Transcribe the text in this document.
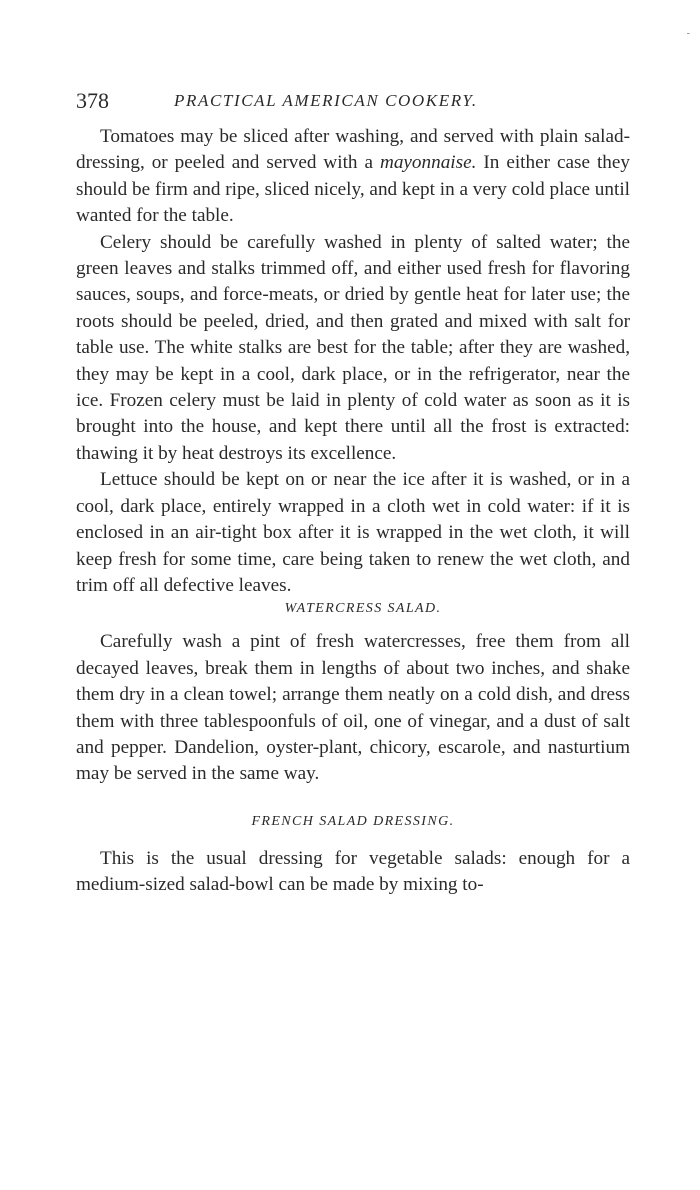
-
378	PRACTICAL AMERICAN COOKERY.

Tomatoes may be sliced after washing, and served with plain salad-dressing, or peeled and served with a mayonnaise. In either case they should be firm and ripe, sliced nicely, and kept in a very cold place until wanted for the table.

Celery should be carefully washed in plenty of salted water; the green leaves and stalks trimmed off, and either used fresh for flavoring sauces, soups, and force-meats, or dried by gentle heat for later use; the roots should be peeled, dried, and then grated and mixed with salt for table use. The white stalks are best for the table; after they are washed, they may be kept in a cool, dark place, or in the refrigerator, near the ice. Frozen celery must be laid in plenty of cold water as soon as it is brought into the house, and kept there until all the frost is extracted: thawing it by heat destroys its excellence.

Lettuce should be kept on or near the ice after it is washed, or in a cool, dark place, entirely wrapped in a cloth wet in cold water: if it is enclosed in an air-tight box after it is wrapped in the wet cloth, it will keep fresh for some time, care being taken to renew the wet cloth, and trim off all defective leaves.

WATERCRESS SALAD.

Carefully wash a pint of fresh watercresses, free them from all decayed leaves, break them in lengths of about two inches, and shake them dry in a clean towel; arrange them neatly on a cold dish, and dress them with three tablespoonfuls of oil, one of vinegar, and a dust of salt and pepper. Dandelion, oyster-plant, chicory, escarole, and nasturtium may be served in the same way.

FRENCH SALAD DRESSING.

This is the usual dressing for vegetable salads: enough for a medium-sized salad-bowl can be made by mixing to-
